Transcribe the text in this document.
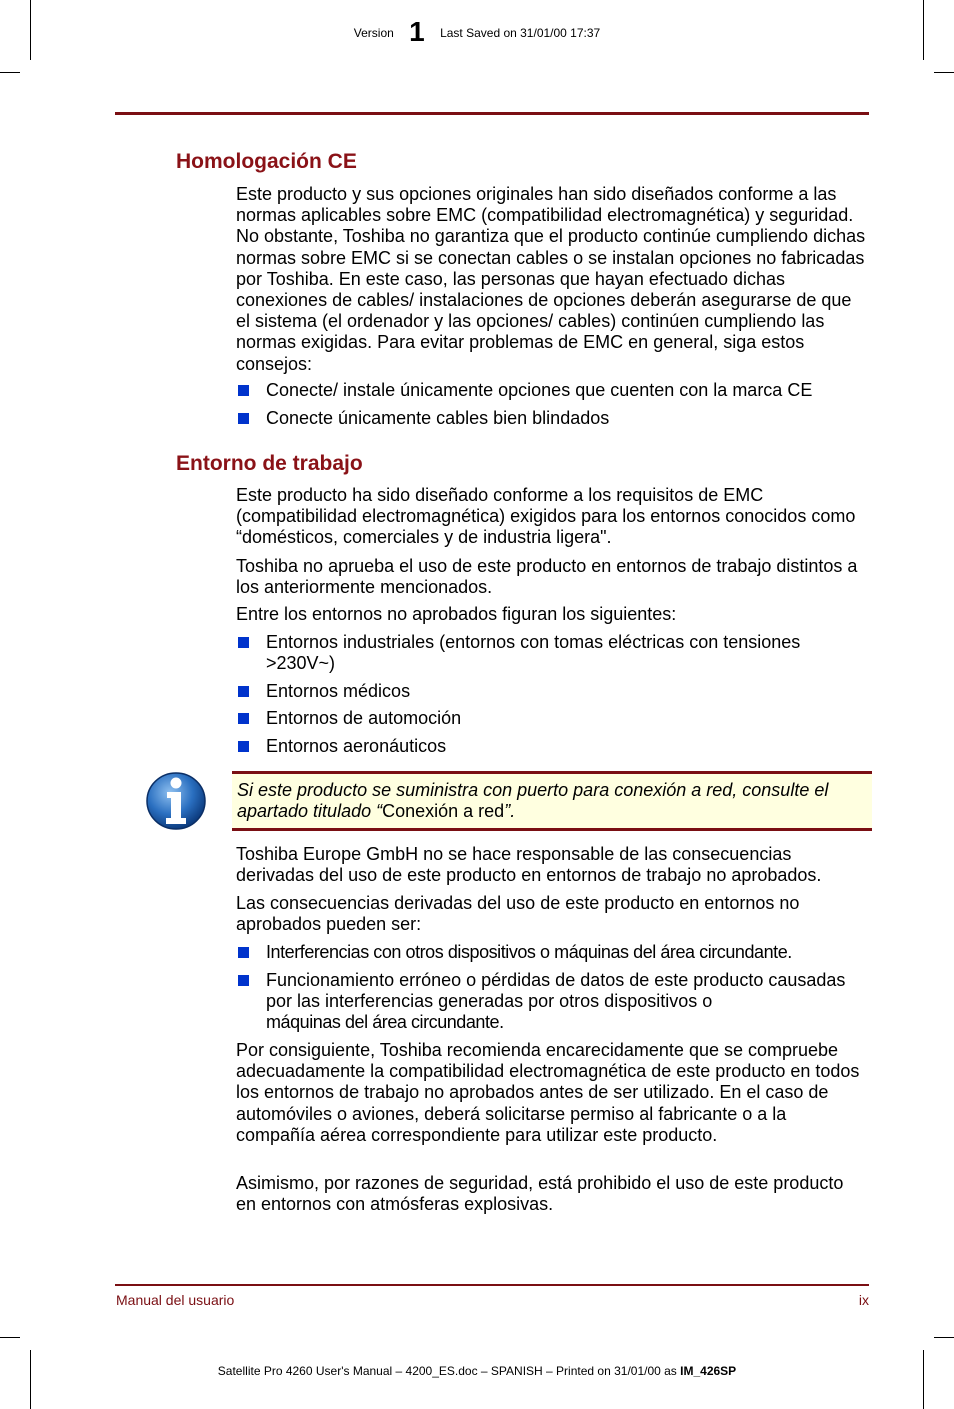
Version 1 Last Saved on 31/01/00 17:37
Homologación CE

Este producto y sus opciones originales han sido diseñados conforme a las normas aplicables sobre EMC (compatibilidad electromagnética) y seguridad. No obstante, Toshiba no garantiza que el producto continúe cumpliendo dichas normas sobre EMC si se conectan cables o se instalan opciones no fabricadas por Toshiba. En este caso, las personas que hayan efectuado dichas conexiones de cables/ instalaciones de opciones deberán asegurarse de que el sistema (el ordenador y las opciones/ cables) continúen cumpliendo las normas exigidas. Para evitar problemas de EMC en general, siga estos consejos:

Conecte/ instale únicamente opciones que cuenten con la marca CE
Conecte únicamente cables bien blindados
Entorno de trabajo

Este producto ha sido diseñado conforme a los requisitos de EMC (compatibilidad electromagnética) exigidos para los entornos conocidos como “domésticos, comerciales y de industria ligera".

Toshiba no aprueba el uso de este producto en entornos de trabajo distintos a los anteriormente mencionados.

Entre los entornos no aprobados figuran los siguientes:

Entornos industriales (entornos con tomas eléctricas con tensiones >230V~)
Entornos médicos
Entornos de automoción
Entornos aeronáuticos
Si este producto se suministra con puerto para conexión a red, consulte el apartado titulado “Conexión a red”.

Toshiba Europe GmbH no se hace responsable de las consecuencias derivadas del uso de este producto en entornos de trabajo no aprobados.

Las consecuencias derivadas del uso de este producto en entornos no aprobados pueden ser:

Interferencias con otros dispositivos o máquinas del área circundante.
Funcionamiento erróneo o pérdidas de datos de este producto causadas por las interferencias generadas por otros dispositivos o
máquinas del área circundante.

Por consiguiente, Toshiba recomienda encarecidamente que se compruebe adecuadamente la compatibilidad electromagnética de este producto en todos los entornos de trabajo no aprobados antes de ser utilizado. En el caso de automóviles o aviones, deberá solicitarse permiso al fabricante o a la compañía aérea correspondiente para utilizar este producto.

Asimismo, por razones de seguridad, está prohibido el uso de este producto en entornos con atmósferas explosivas.

Manual del usuario	ix
Satellite Pro 4260 User's Manual – 4200_ES.doc – SPANISH – Printed on 31/01/00 as IM_426SP
